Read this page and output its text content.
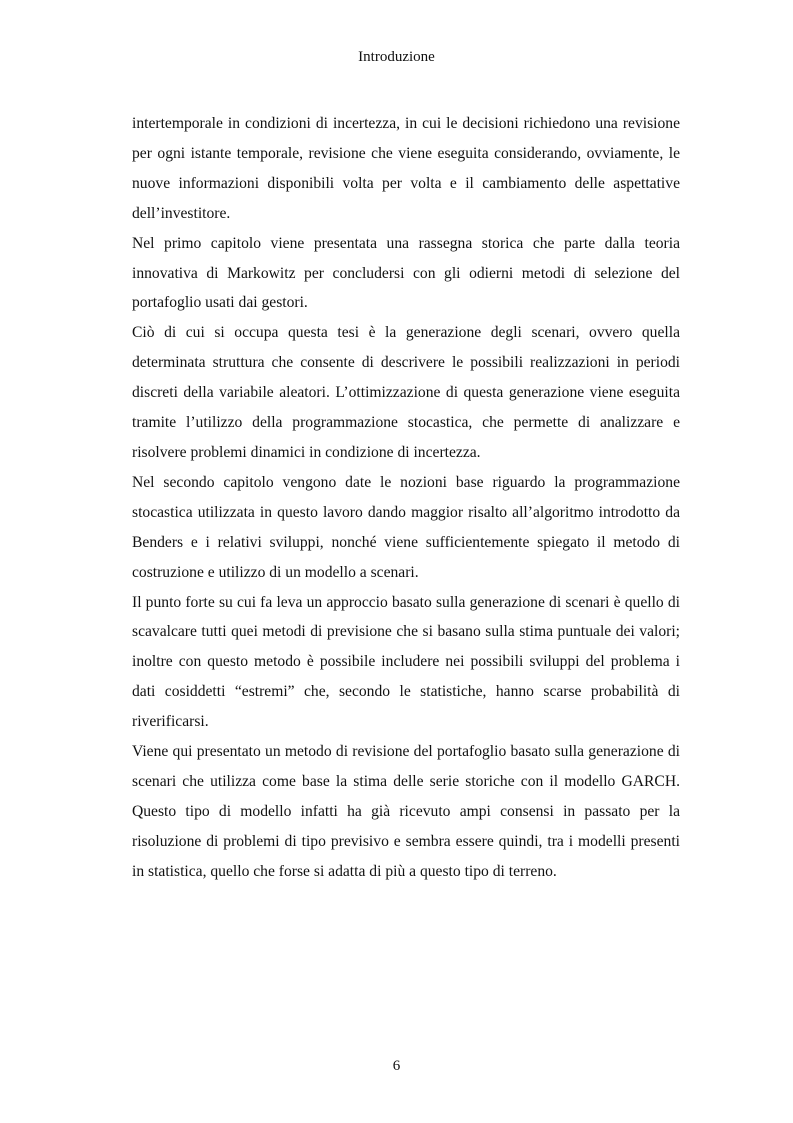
Introduzione

intertemporale in condizioni di incertezza, in cui le decisioni richiedono una revisione per ogni istante temporale, revisione che viene eseguita considerando, ovviamente, le nuove informazioni disponibili volta per volta e il cambiamento delle aspettative dell’investitore.

Nel primo capitolo viene presentata una rassegna storica che parte dalla teoria innovativa di Markowitz per concludersi con gli odierni metodi di selezione del portafoglio usati dai gestori.

Ciò di cui si occupa questa tesi è la generazione degli scenari, ovvero quella determinata struttura che consente di descrivere le possibili realizzazioni in periodi discreti della variabile aleatori. L’ottimizzazione di questa generazione viene eseguita tramite l’utilizzo della programmazione stocastica, che permette di analizzare e risolvere problemi dinamici in condizione di incertezza.

Nel secondo capitolo vengono date le nozioni base riguardo la programmazione stocastica utilizzata in questo lavoro dando maggior risalto all’algoritmo introdotto da Benders e i relativi sviluppi, nonché viene sufficientemente spiegato il metodo di costruzione e utilizzo di un modello a scenari.

Il punto forte su cui fa leva un approccio basato sulla generazione di scenari è quello di scavalcare tutti quei metodi di previsione che si basano sulla stima puntuale dei valori; inoltre con questo metodo è possibile includere nei possibili sviluppi del problema i dati cosiddetti “estremi” che, secondo le statistiche, hanno scarse probabilità di riverificarsi.

Viene qui presentato un metodo di revisione del portafoglio basato sulla generazione di scenari che utilizza come base la stima delle serie storiche con il modello GARCH. Questo tipo di modello infatti ha già ricevuto ampi consensi in passato per la risoluzione di problemi di tipo previsivo e sembra essere quindi, tra i modelli presenti in statistica, quello che forse si adatta di più a questo tipo di terreno.

6
